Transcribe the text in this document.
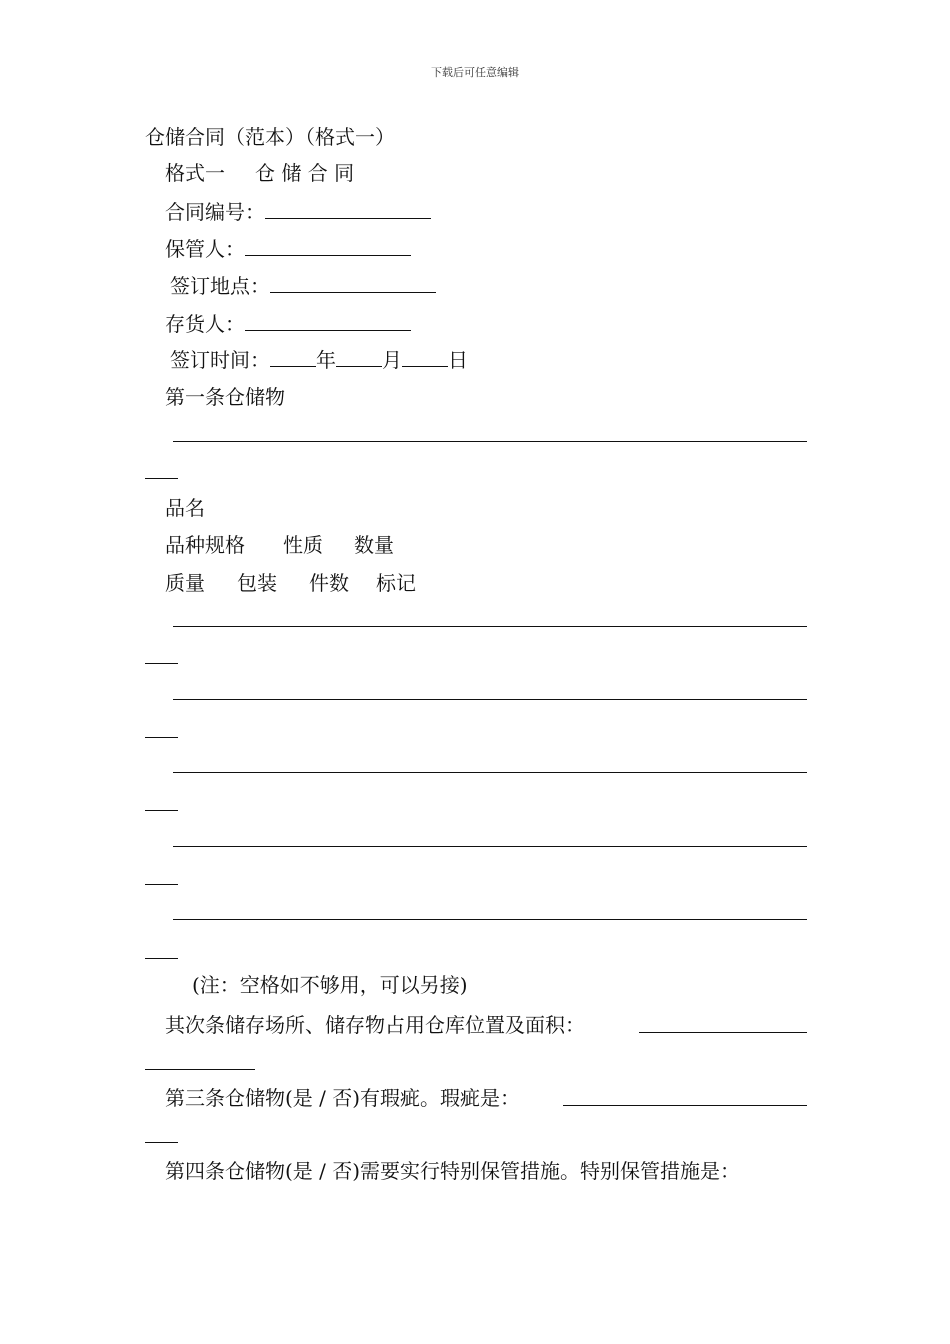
下载后可任意编辑
仓储合同（范本）（格式一）
格式一 仓 储 合 同
合同编号：
保管人：
签订地点：
存货人：
签订时间： 年 月 日
第一条仓储物
品名
品种规格 性质 数量
质量 包装 件数 标记
(注：空格如不够用，可以另接)
其次条储存场所、储存物占用仓库位置及面积：
第三条仓储物(是 / 否)有瑕疵。瑕疵是：
第四条仓储物(是 / 否)需要实行特别保管措施。特别保管措施是：
